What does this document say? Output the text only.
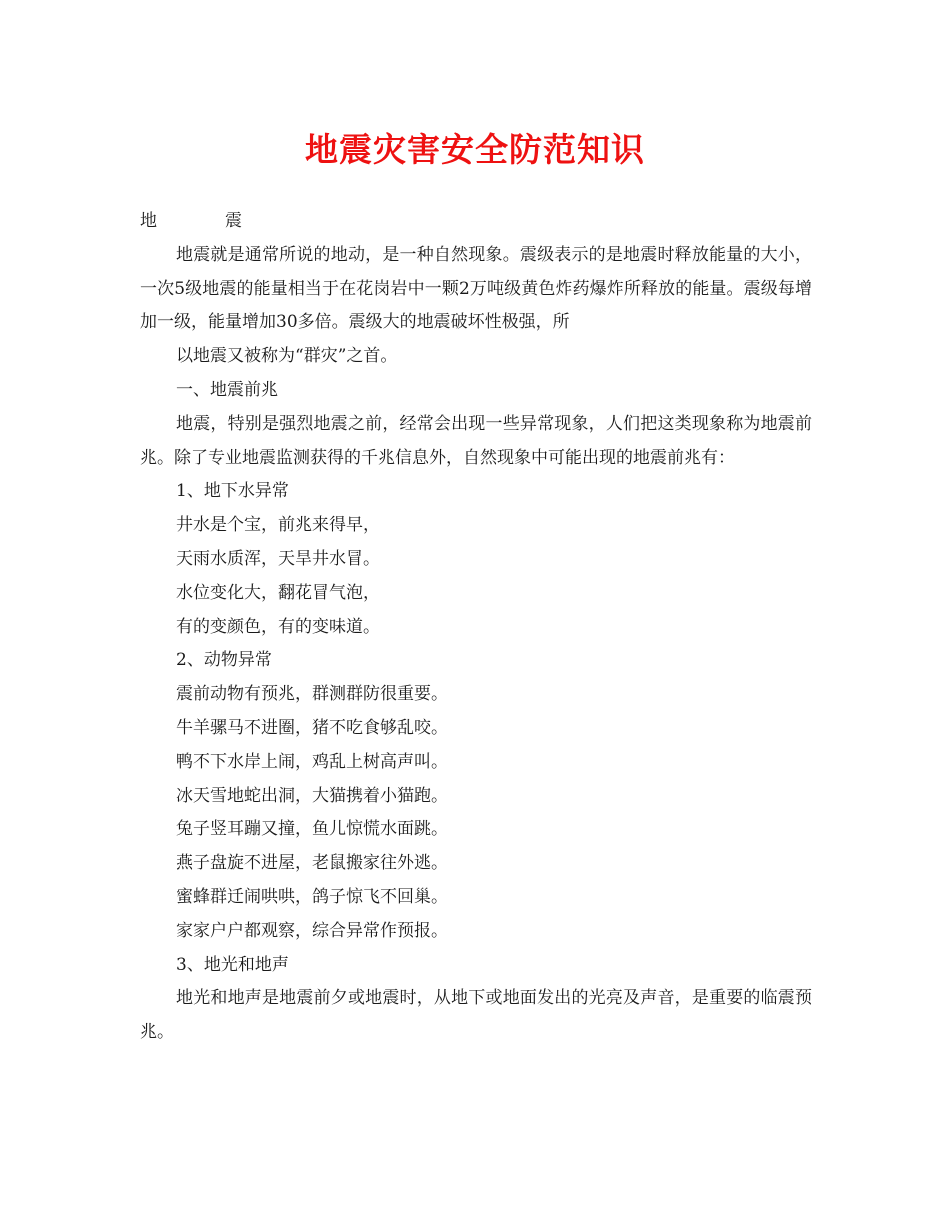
地震灾害安全防范知识

地	震

地震就是通常所说的地动，是一种自然现象。震级表示的是地震时释放能量的大小，一次5级地震的能量相当于在花岗岩中一颗2万吨级黄色炸药爆炸所释放的能量。震级每增加一级，能量增加30多倍。震级大的地震破坏性极强，所

以地震又被称为“群灾”之首。

一、地震前兆

地震，特别是强烈地震之前，经常会出现一些异常现象，人们把这类现象称为地震前兆。除了专业地震监测获得的千兆信息外，自然现象中可能出现的地震前兆有：

1、地下水异常

井水是个宝，前兆来得早，

天雨水质浑，天旱井水冒。

水位变化大，翻花冒气泡，

有的变颜色，有的变味道。

2、动物异常

震前动物有预兆，群测群防很重要。

牛羊骡马不进圈，猪不吃食够乱咬。

鸭不下水岸上闹，鸡乱上树高声叫。

冰天雪地蛇出洞，大猫携着小猫跑。

兔子竖耳蹦又撞，鱼儿惊慌水面跳。

燕子盘旋不进屋，老鼠搬家往外逃。

蜜蜂群迁闹哄哄，鸽子惊飞不回巢。

家家户户都观察，综合异常作预报。

3、地光和地声

地光和地声是地震前夕或地震时，从地下或地面发出的光亮及声音，是重要的临震预兆。
